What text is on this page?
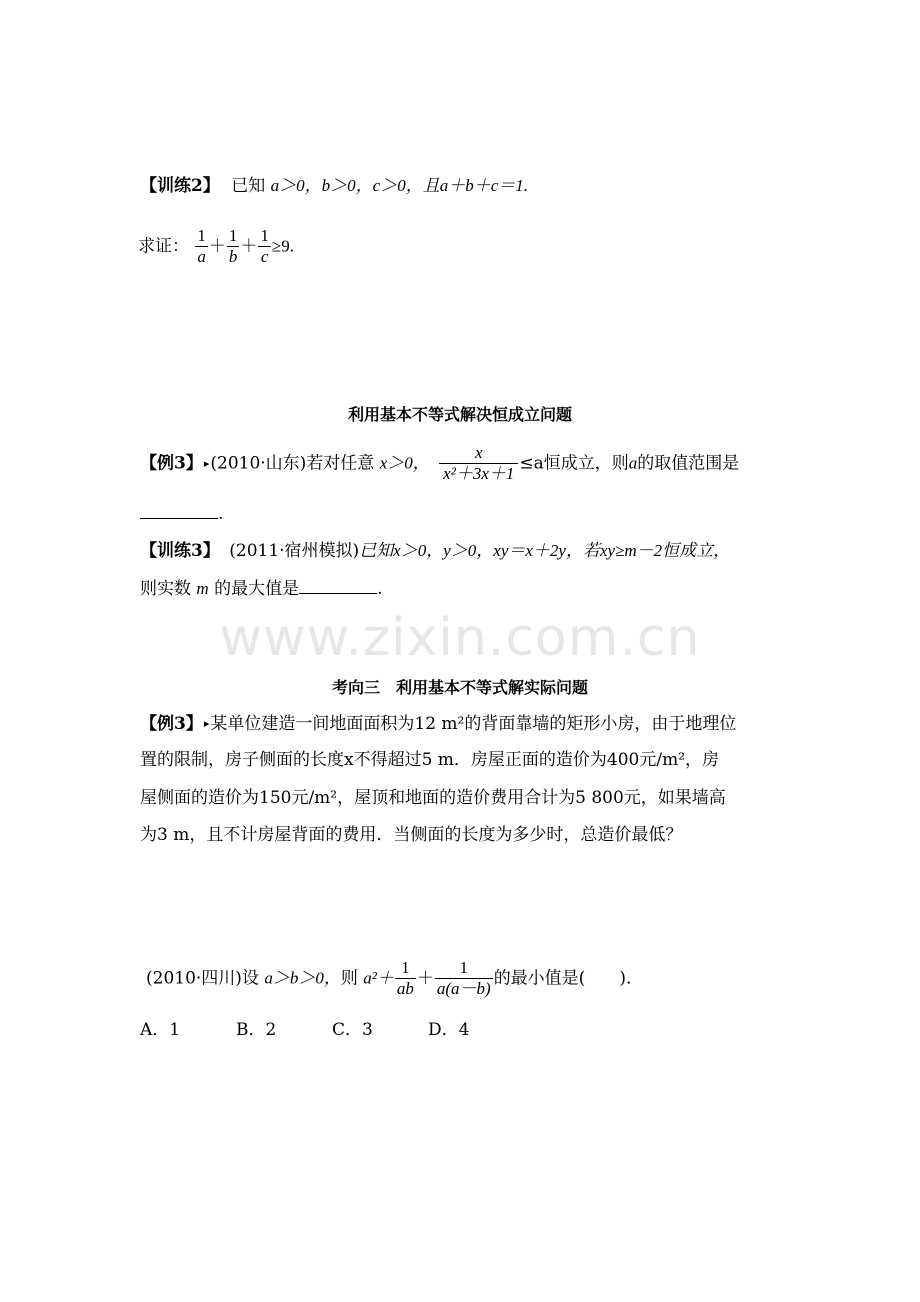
【训练2】 已知 a＞0，b＞0，c＞0，且a＋b＋c＝1.
求证： $\frac{1}{a} + \frac{1}{b} + \frac{1}{c} \ge 9$.
利用基本不等式解决恒成立问题
【例3】▸(2010·山东)若对任意 x＞0， $\frac{x}{\text{x²＋3x＋1}} \le a$恒成立，则a的取值范围是
.
【训练3】 (2011·宿州模拟)已知x＞0，y＞0，xy＝x＋2y，若xy≥m－2恒成立，
则实数 m 的最大值是	.
www.zixin.com.cn
考向三　利用基本不等式解实际问题
【例3】▸某单位建造一间地面面积为12 m²的背面靠墙的矩形小房，由于地理位
置的限制，房子侧面的长度x不得超过5 m．房屋正面的造价为400元/m²，房
屋侧面的造价为150元/m²，屋顶和地面的造价费用合计为5 800元，如果墙高
为3 m，且不计房屋背面的费用．当侧面的长度为多少时，总造价最低？
(2010·四川)设 a＞b＞0，则 $a^2+ \frac{1}{ab} + \frac{1}{a(a-b)}$ 的最小值是(　　)．
A．1	B．2	C．3	D．4
